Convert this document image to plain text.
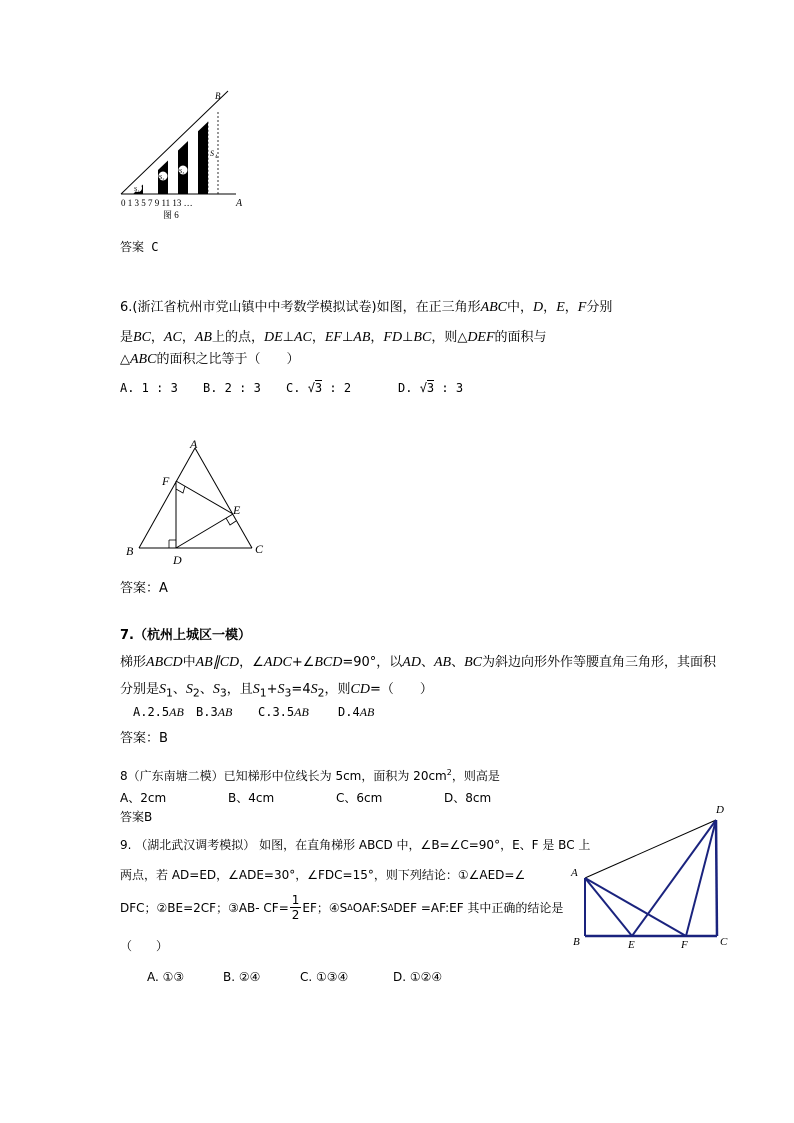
S₁
S₂
S₃
S 4
B
0 1 3 5 7 9 11 13 …	A
图 6
答案 C
6.(浙江省杭州市党山镇中中考数学模拟试卷)如图，在正三角形ABC中，D，E，F分别
是BC，AC，AB上的点，DE⊥AC，EF⊥AB，FD⊥BC，则△DEF的面积与
△ABC的面积之比等于（　　）
A. 1 : 3 B. 2 : 3 C. √3 : 2	D. √3 : 3
A
B	C
D
E
F
答案：A
7.（杭州上城区一模）
梯形ABCD中AB∥CD，∠ADC+∠BCD=90°，以AD、AB、BC为斜边向形外作等腰直角三角形，其面积
分别是$S_1$、$S_2$、$S_3$，且$S_1+S_3=4S_2$，则CD=（　　）
A.2.5AB B.3AB C.3.5AB D.4AB
答案：B
8（广东南塘二模）已知梯形中位线长为 5cm，面积为 $20cm^2$，则高是
A、2cm	B、4cm	C、6cm	D、8cm
答案B
9. （湖北武汉调考模拟） 如图，在直角梯形 ABCD 中，∠B=∠C=90°，E、F 是 BC 上
两点，若 AD=ED，∠ADE=30°，∠FDC=15°，则下列结论：①∠AED=∠
DFC；②BE=2CF；③AB- $CF= \frac{1}{2}$ EF；④S Δ OAF:S Δ DEF =AF:EF 其中正确的结论是
（　　）
A. ①③	B. ②④	C. ①③④	D. ①②④
A
B	C
D
E	F
